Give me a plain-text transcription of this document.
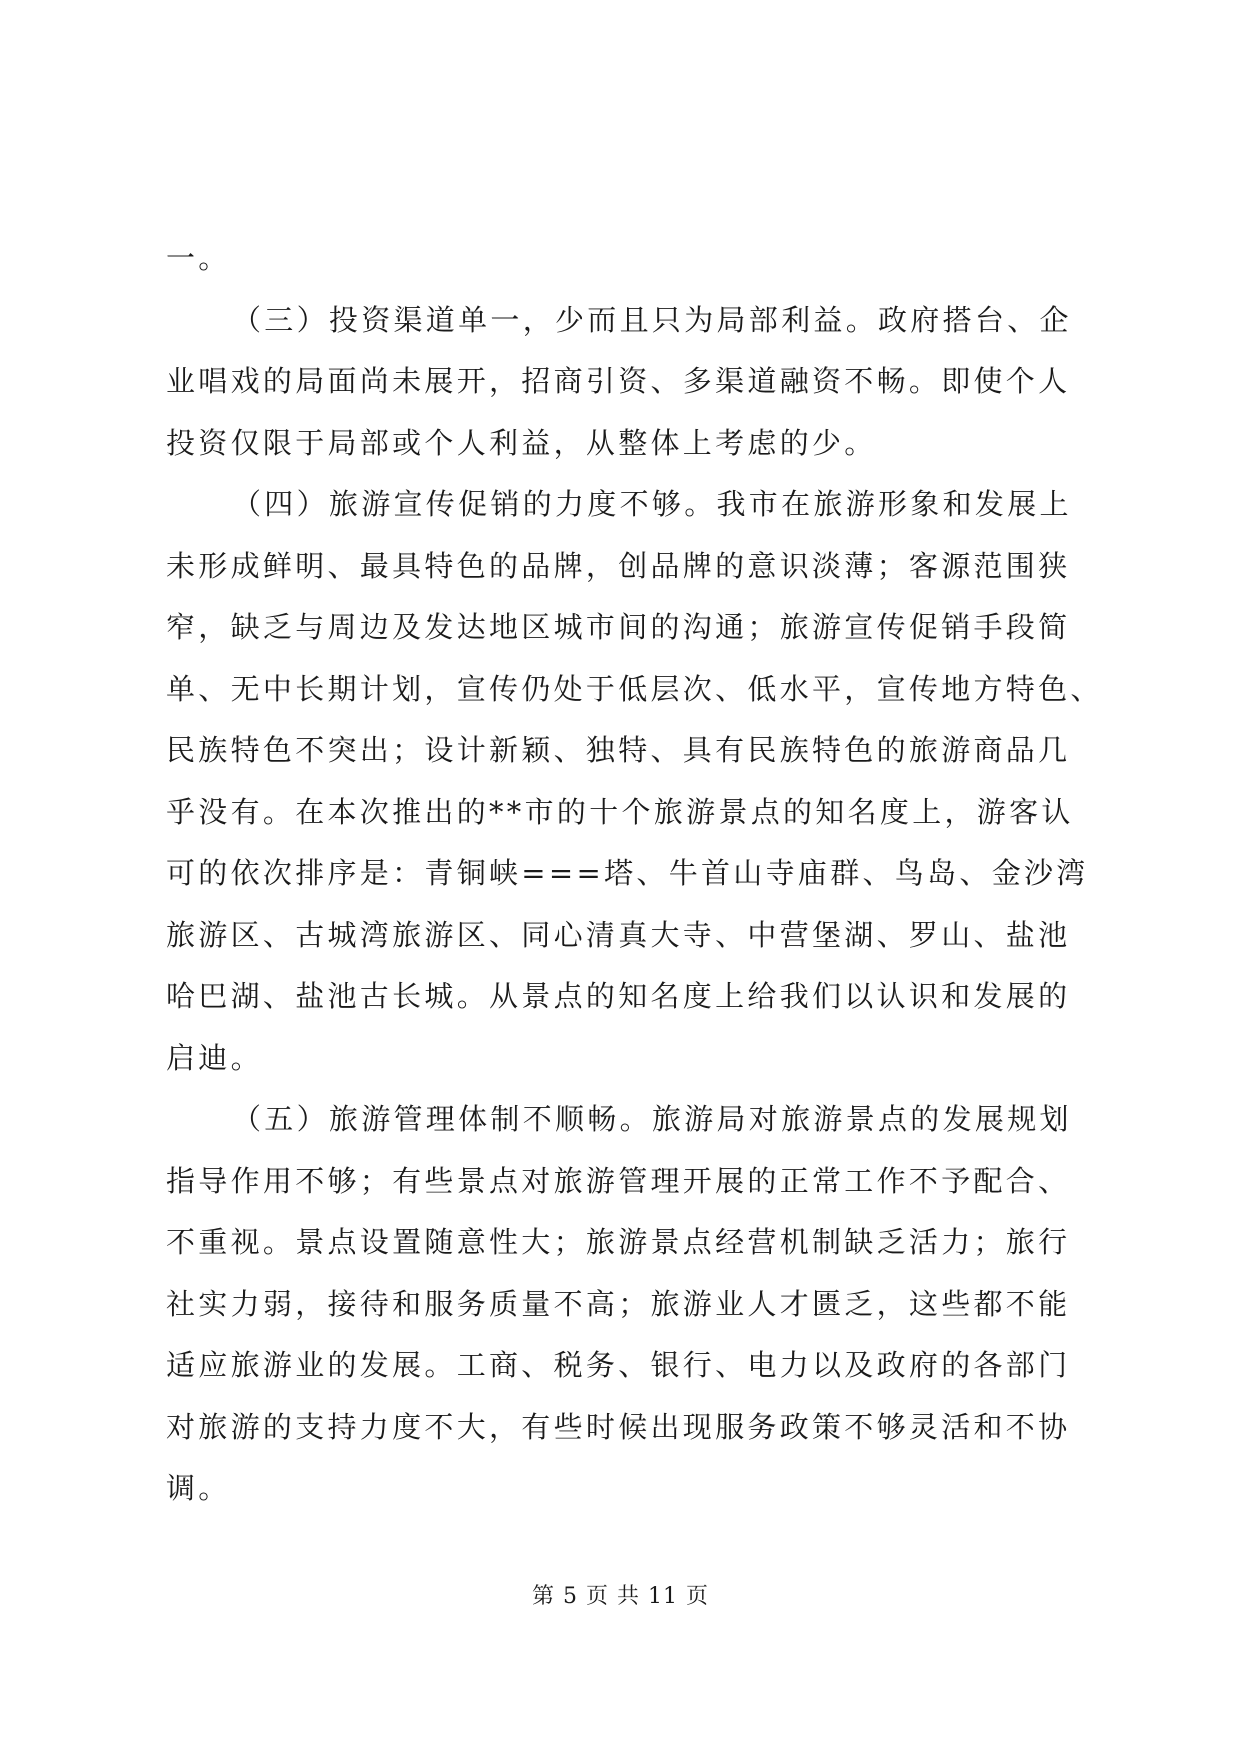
一。
（三）投资渠道单一，少而且只为局部利益。政府搭台、企
业唱戏的局面尚未展开，招商引资、多渠道融资不畅。即使个人
投资仅限于局部或个人利益，从整体上考虑的少。
（四）旅游宣传促销的力度不够。我市在旅游形象和发展上
未形成鲜明、最具特色的品牌，创品牌的意识淡薄；客源范围狭
窄，缺乏与周边及发达地区城市间的沟通；旅游宣传促销手段简
单、无中长期计划，宣传仍处于低层次、低水平，宣传地方特色、
民族特色不突出；设计新颖、独特、具有民族特色的旅游商品几
乎没有。在本次推出的**市的十个旅游景点的知名度上，游客认
可的依次排序是：青铜峡===塔、牛首山寺庙群、鸟岛、金沙湾
旅游区、古城湾旅游区、同心清真大寺、中营堡湖、罗山、盐池
哈巴湖、盐池古长城。从景点的知名度上给我们以认识和发展的
启迪。
（五）旅游管理体制不顺畅。旅游局对旅游景点的发展规划
指导作用不够；有些景点对旅游管理开展的正常工作不予配合、
不重视。景点设置随意性大；旅游景点经营机制缺乏活力；旅行
社实力弱，接待和服务质量不高；旅游业人才匮乏，这些都不能
适应旅游业的发展。工商、税务、银行、电力以及政府的各部门
对旅游的支持力度不大，有些时候出现服务政策不够灵活和不协
调。
第 5 页 共 11 页
